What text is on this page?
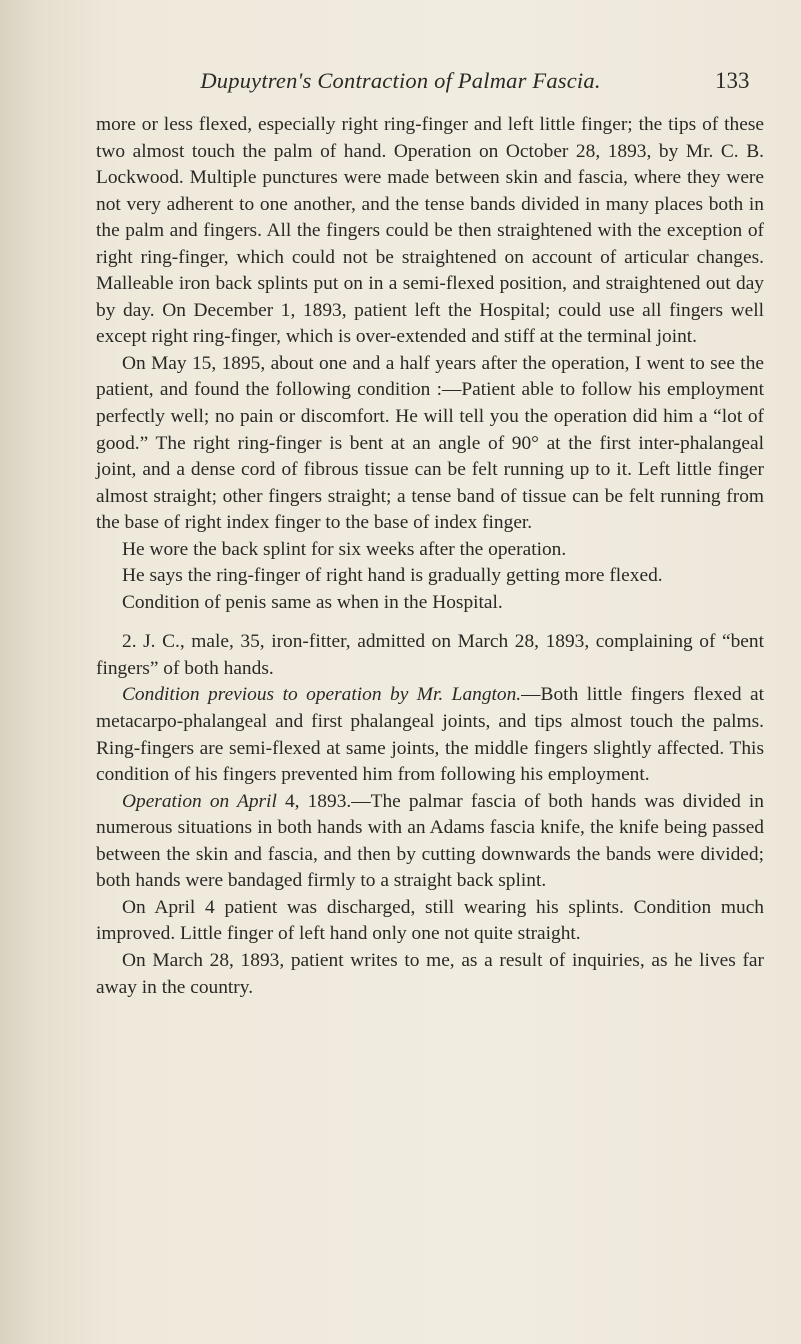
Dupuytren's Contraction of Palmar Fascia.	133

more or less flexed, especially right ring-finger and left little finger; the tips of these two almost touch the palm of hand. Operation on October 28, 1893, by Mr. C. B. Lockwood. Multiple punctures were made between skin and fascia, where they were not very adherent to one another, and the tense bands divided in many places both in the palm and fingers. All the fingers could be then straightened with the exception of right ring-finger, which could not be straightened on account of articular changes. Malleable iron back splints put on in a semi-flexed position, and straightened out day by day. On December 1, 1893, patient left the Hospital; could use all fingers well except right ring-finger, which is over-extended and stiff at the terminal joint.

On May 15, 1895, about one and a half years after the operation, I went to see the patient, and found the following condition :—Patient able to follow his employment perfectly well; no pain or discomfort. He will tell you the operation did him a “lot of good.” The right ring-finger is bent at an angle of 90° at the first inter-phalangeal joint, and a dense cord of fibrous tissue can be felt running up to it. Left little finger almost straight; other fingers straight; a tense band of tissue can be felt running from the base of right index finger to the base of index finger.

He wore the back splint for six weeks after the operation.

He says the ring-finger of right hand is gradually getting more flexed.

Condition of penis same as when in the Hospital.

2. J. C., male, 35, iron-fitter, admitted on March 28, 1893, complaining of “bent fingers” of both hands.

Condition previous to operation by Mr. Langton.—Both little fingers flexed at metacarpo-phalangeal and first phalangeal joints, and tips almost touch the palms. Ring-fingers are semi-flexed at same joints, the middle fingers slightly affected. This condition of his fingers prevented him from following his employment.

Operation on April 4, 1893.—The palmar fascia of both hands was divided in numerous situations in both hands with an Adams fascia knife, the knife being passed between the skin and fascia, and then by cutting downwards the bands were divided; both hands were bandaged firmly to a straight back splint.

On April 4 patient was discharged, still wearing his splints. Condition much improved. Little finger of left hand only one not quite straight.

On March 28, 1893, patient writes to me, as a result of inquiries, as he lives far away in the country.
